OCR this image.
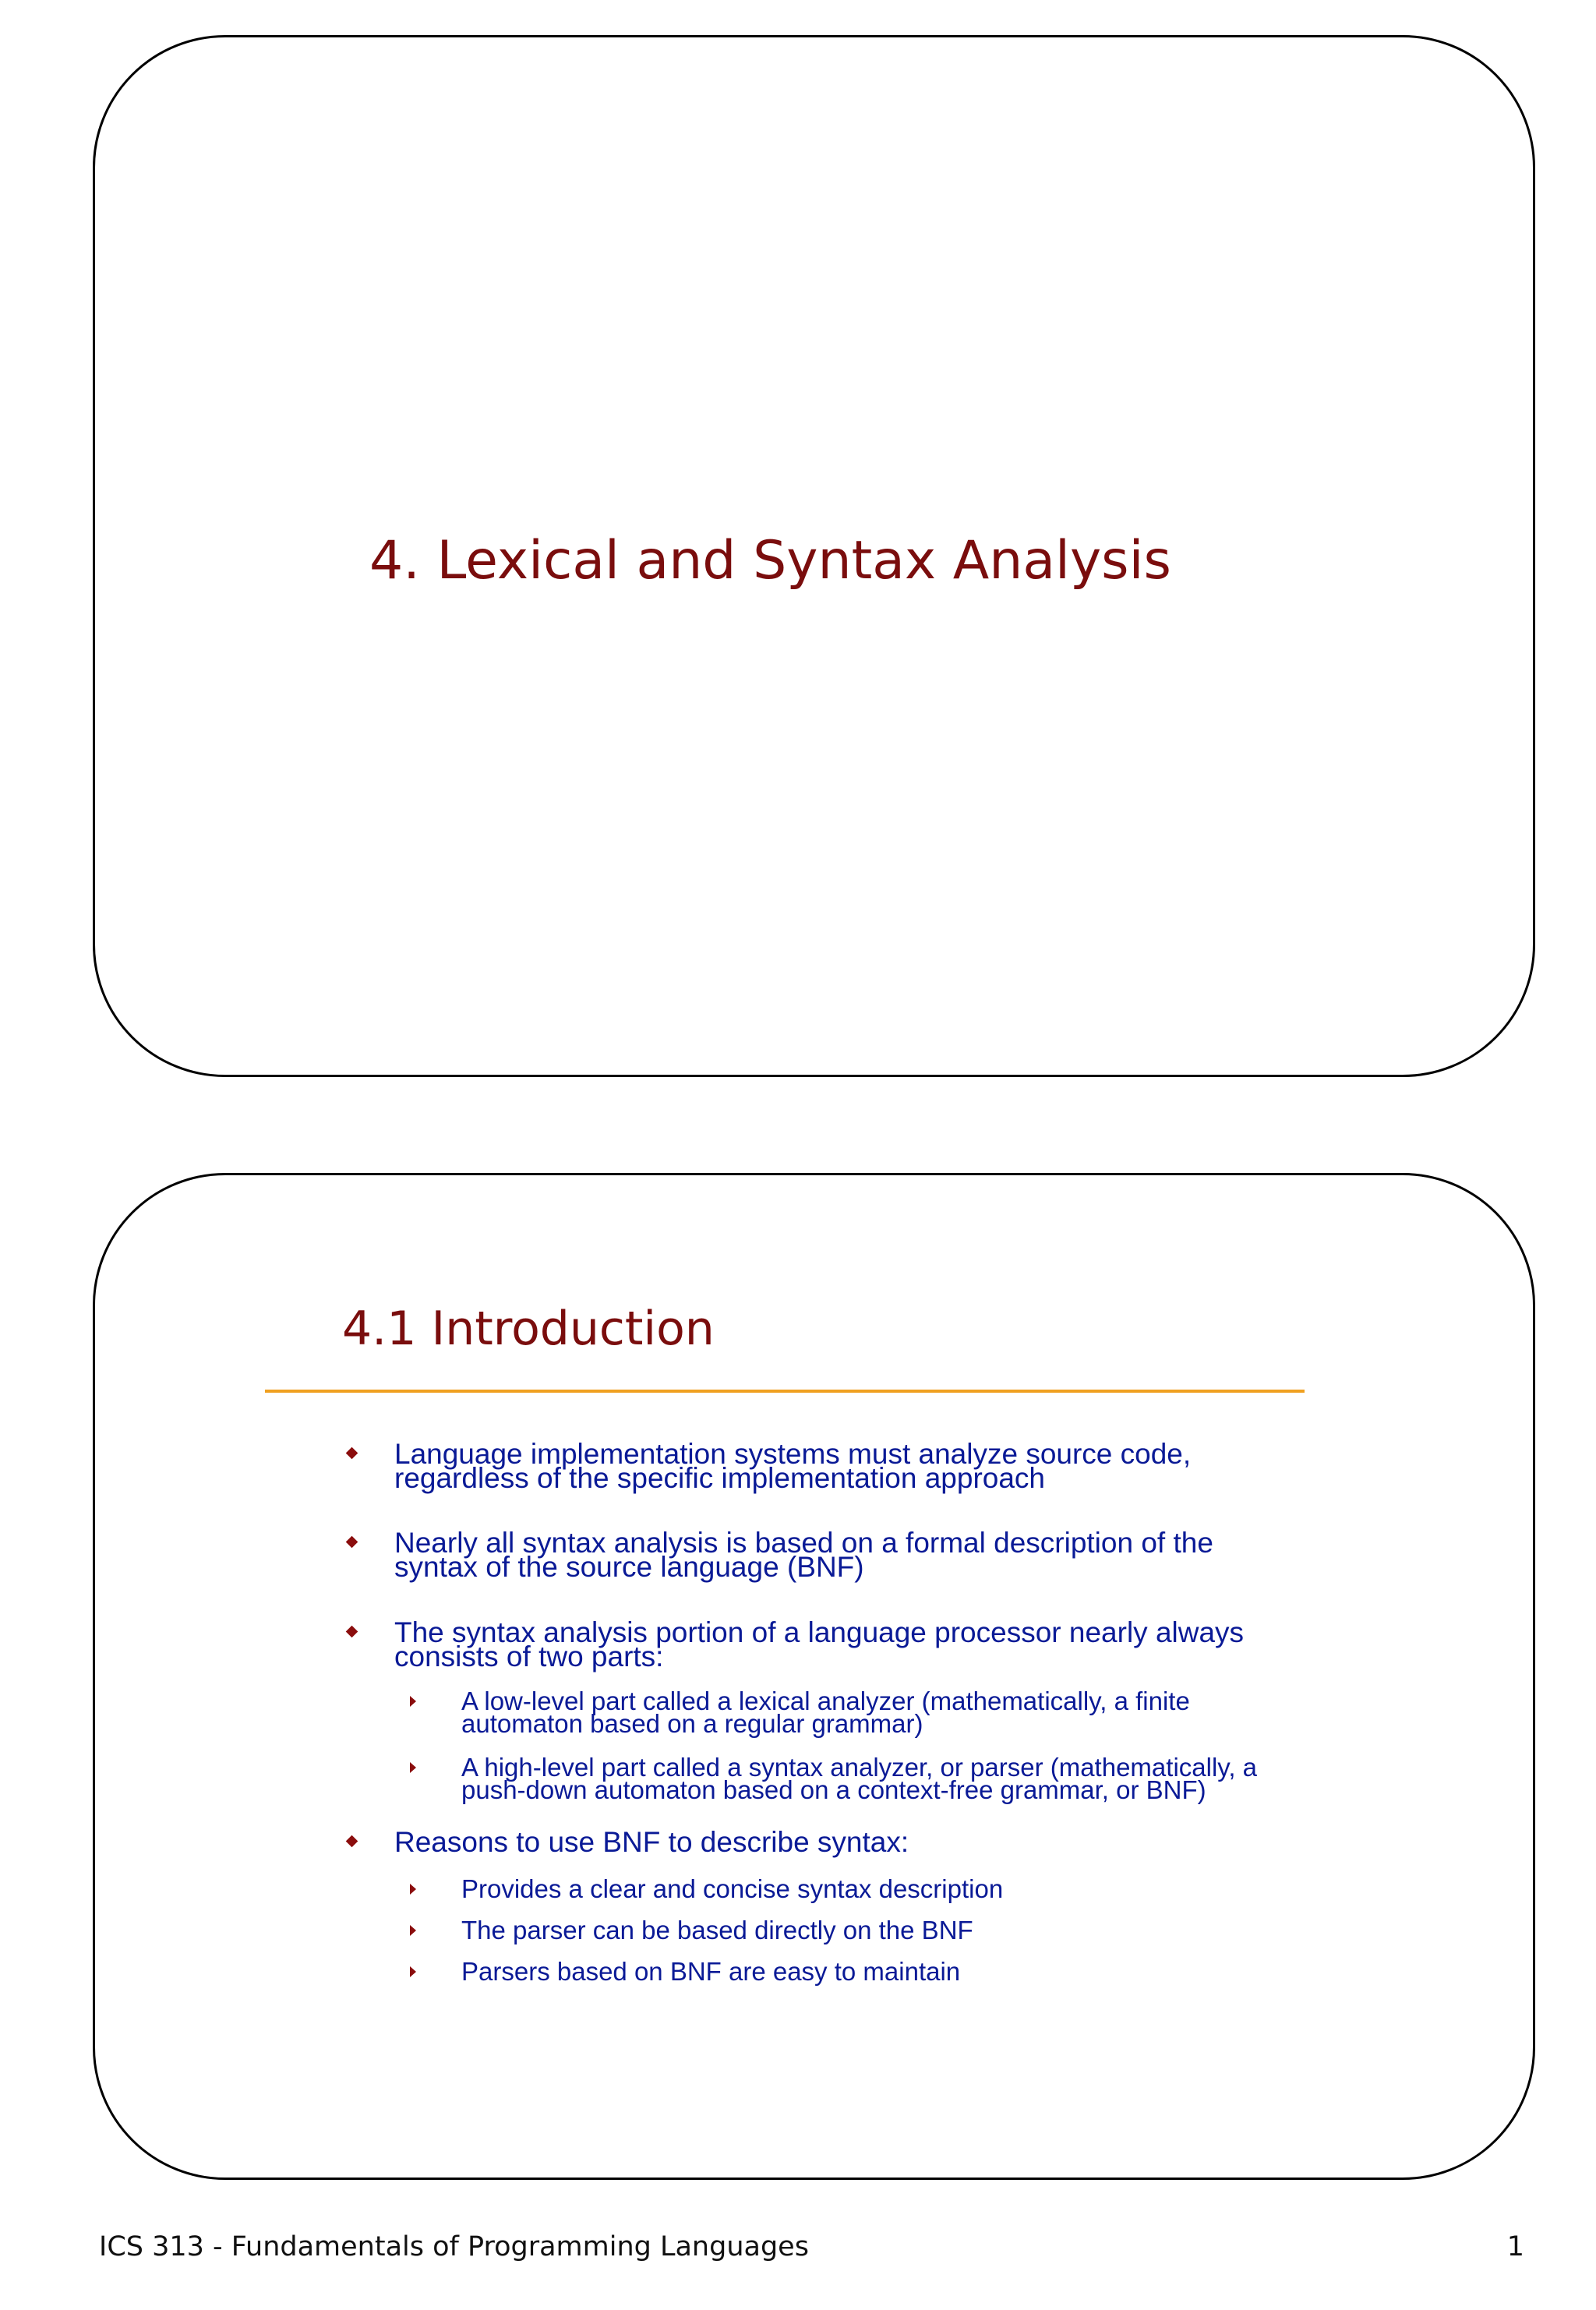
4. Lexical and Syntax Analysis
4.1 Introduction
Language implementation systems must analyze source code,
regardless of the specific implementation approach
Nearly all syntax analysis is based on a formal description of the
syntax of the source language (BNF)
The syntax analysis portion of a language processor nearly always
consists of two parts:
A low-level part called a lexical analyzer (mathematically, a finite
automaton based on a regular grammar)
A high-level part called a syntax analyzer, or parser (mathematically, a
push-down automaton based on a context-free grammar, or BNF)
Reasons to use BNF to describe syntax:
Provides a clear and concise syntax description
The parser can be based directly on the BNF
Parsers based on BNF are easy to maintain
ICS 313 - Fundamentals of Programming Languages	1
